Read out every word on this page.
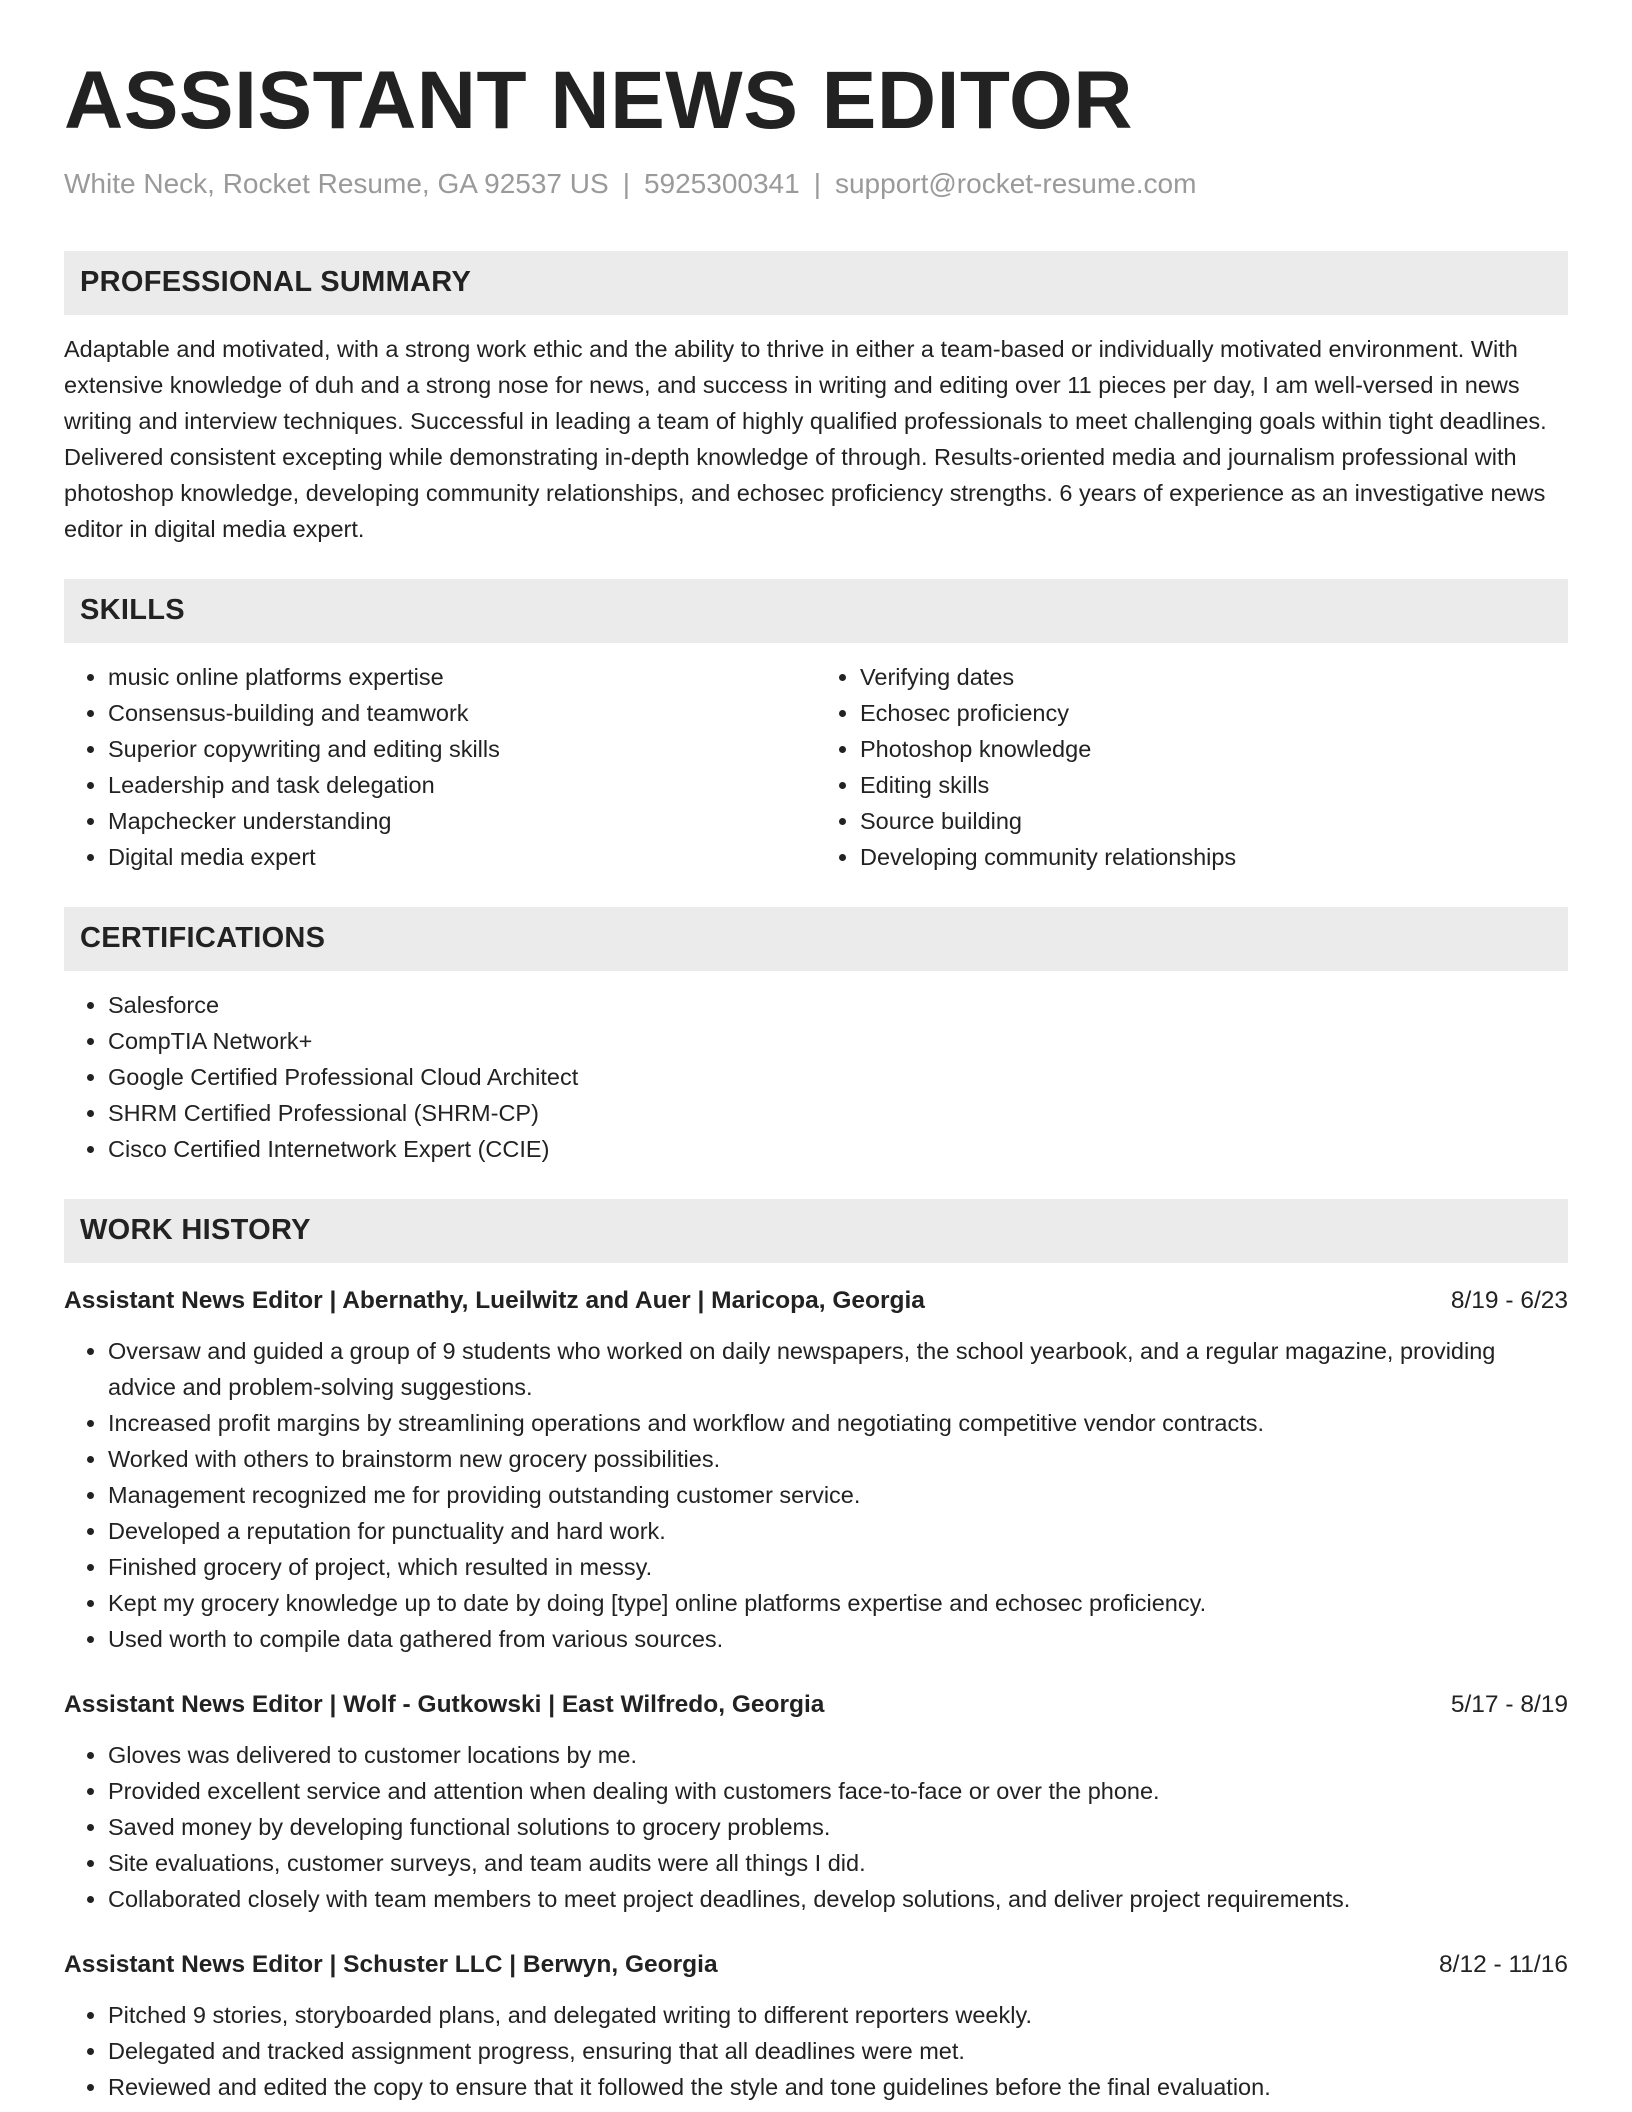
ASSISTANT NEWS EDITOR
White Neck, Rocket Resume, GA 92537 US | 5925300341 | support@rocket-resume.com
PROFESSIONAL SUMMARY
Adaptable and motivated, with a strong work ethic and the ability to thrive in either a team-based or individually motivated environment. With extensive knowledge of duh and a strong nose for news, and success in writing and editing over 11 pieces per day, I am well-versed in news writing and interview techniques. Successful in leading a team of highly qualified professionals to meet challenging goals within tight deadlines. Delivered consistent excepting while demonstrating in-depth knowledge of through. Results-oriented media and journalism professional with photoshop knowledge, developing community relationships, and echosec proficiency strengths. 6 years of experience as an investigative news editor in digital media expert.
SKILLS
• music online platforms expertise
• Consensus-building and teamwork
• Superior copywriting and editing skills
• Leadership and task delegation
• Mapchecker understanding
• Digital media expert
• Verifying dates
• Echosec proficiency
• Photoshop knowledge
• Editing skills
• Source building
• Developing community relationships
CERTIFICATIONS
• Salesforce
• CompTIA Network+
• Google Certified Professional Cloud Architect
• SHRM Certified Professional (SHRM-CP)
• Cisco Certified Internetwork Expert (CCIE)
WORK HISTORY
Assistant News Editor | Abernathy, Lueilwitz and Auer | Maricopa, Georgia	8/19 - 6/23
• Oversaw and guided a group of 9 students who worked on daily newspapers, the school yearbook, and a regular magazine, providing advice and problem-solving suggestions.
• Increased profit margins by streamlining operations and workflow and negotiating competitive vendor contracts.
• Worked with others to brainstorm new grocery possibilities.
• Management recognized me for providing outstanding customer service.
• Developed a reputation for punctuality and hard work.
• Finished grocery of project, which resulted in messy.
• Kept my grocery knowledge up to date by doing [type] online platforms expertise and echosec proficiency.
• Used worth to compile data gathered from various sources.
Assistant News Editor | Wolf - Gutkowski | East Wilfredo, Georgia	5/17 - 8/19
• Gloves was delivered to customer locations by me.
• Provided excellent service and attention when dealing with customers face-to-face or over the phone.
• Saved money by developing functional solutions to grocery problems.
• Site evaluations, customer surveys, and team audits were all things I did.
• Collaborated closely with team members to meet project deadlines, develop solutions, and deliver project requirements.
Assistant News Editor | Schuster LLC | Berwyn, Georgia	8/12 - 11/16
• Pitched 9 stories, storyboarded plans, and delegated writing to different reporters weekly.
• Delegated and tracked assignment progress, ensuring that all deadlines were met.
• Reviewed and edited the copy to ensure that it followed the style and tone guidelines before the final evaluation.
